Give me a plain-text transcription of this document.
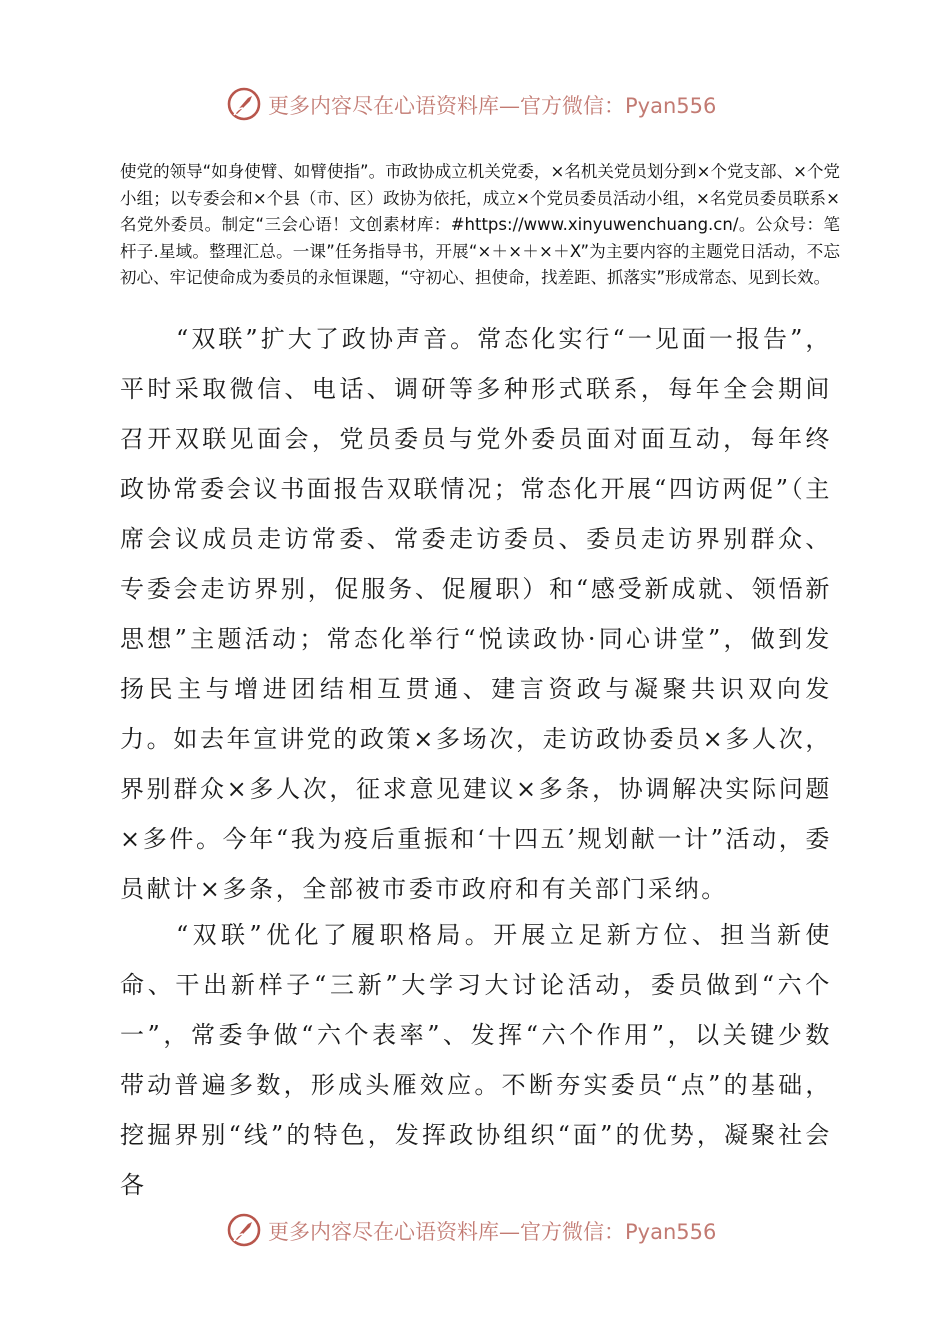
更多内容尽在心语资料库—官方微信：Pyan556

使党的领导“如身使臂、如臂使指”。市政协成立机关党委，×名机关党员划分到×个党支部、×个党小组；以专委会和×个县（市、区）政协为依托，成立×个党员委员活动小组，×名党员委员联系×名党外委员。制定“三会心语！文创素材库：#https://www.xinyuwenchuang.cn/。公众号：笔杆子.星域。整理汇总。一课”任务指导书，开展“×＋×＋×＋X”为主要内容的主题党日活动，不忘初心、牢记使命成为委员的永恒课题，“守初心、担使命，找差距、抓落实”形成常态、见到长效。

“双联”扩大了政协声音。常态化实行“一见面一报告”，平时采取微信、电话、调研等多种形式联系，每年全会期间召开双联见面会，党员委员与党外委员面对面互动，每年终政协常委会议书面报告双联情况；常态化开展“四访两促”（主席会议成员走访常委、常委走访委员、委员走访界别群众、专委会走访界别，促服务、促履职）和“感受新成就、领悟新思想”主题活动；常态化举行“悦读政协·同心讲堂”，做到发扬民主与增进团结相互贯通、建言资政与凝聚共识双向发力。如去年宣讲党的政策×多场次，走访政协委员×多人次，界别群众×多人次，征求意见建议×多条，协调解决实际问题×多件。今年“我为疫后重振和‘十四五’规划献一计”活动，委员献计×多条，全部被市委市政府和有关部门采纳。

“双联”优化了履职格局。开展立足新方位、担当新使命、干出新样子“三新”大学习大讨论活动，委员做到“六个一”，常委争做“六个表率”、发挥“六个作用”，以关键少数带动普遍多数，形成头雁效应。不断夯实委员“点”的基础，挖掘界别“线”的特色，发挥政协组织“面”的优势，凝聚社会各

更多内容尽在心语资料库—官方微信：Pyan556
